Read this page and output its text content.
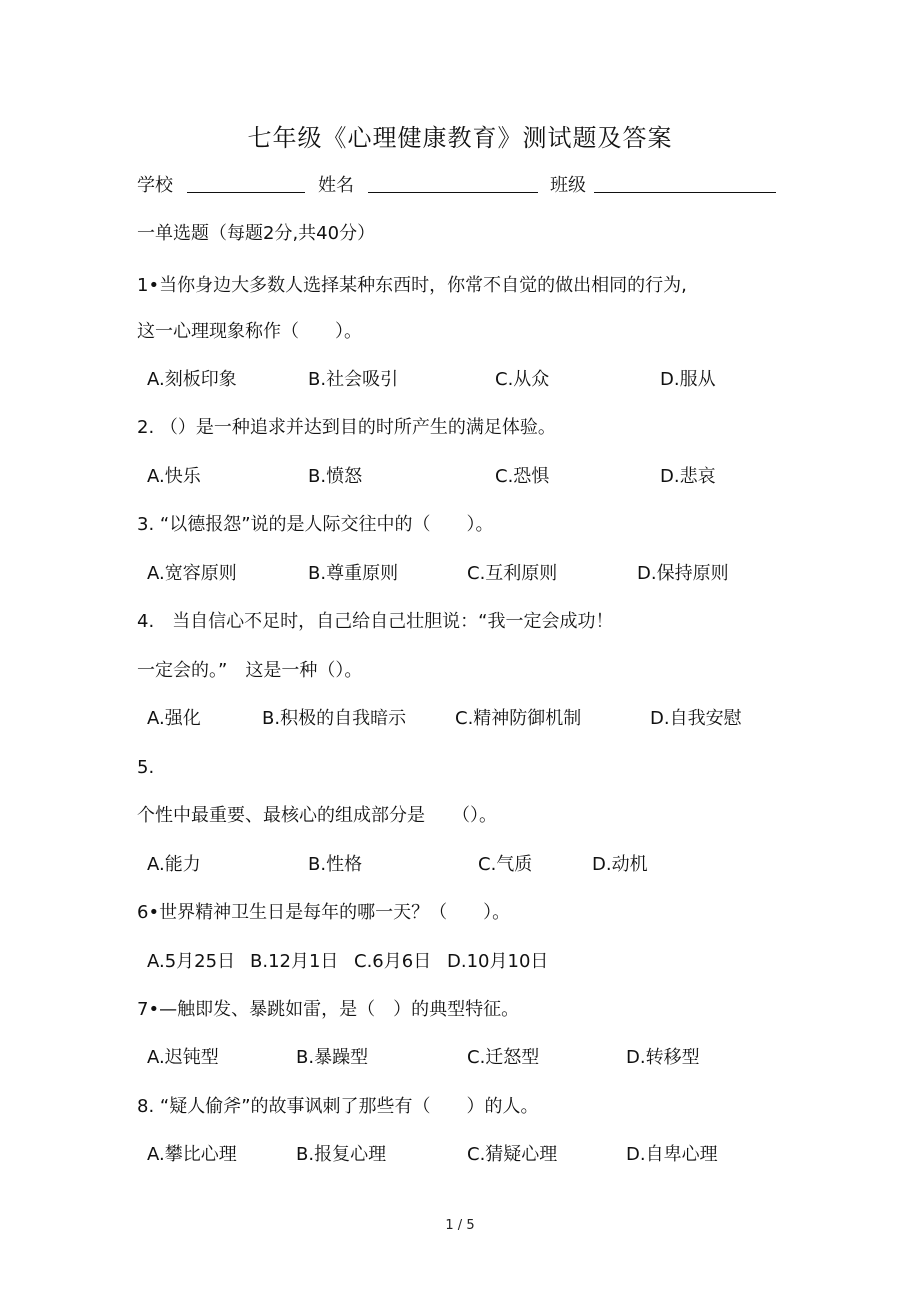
七年级《心理健康教育》测试题及答案
学校	姓名	班级
一单选题（每题2分,共40分）
1•当你身边大多数人选择某种东西时，你常不自觉的做出相同的行为,
这一心理现象称作（　　）。
A.刻板印象	B.社会吸引	C.从众	D.服从
2. （）是一种追求并达到目的时所产生的满足体验。
A.快乐	B.愤怒	C.恐惧	D.悲哀
3. “以德报怨”说的是人际交往中的（　　）。
A.宽容原则	B.尊重原则	C.互利原则	D.保持原则
4.　当自信心不足时，自己给自己壮胆说：“我一定会成功！
一定会的。”　这是一种（）。
A.强化	B.积极的自我暗示	C.精神防御机制	D.自我安慰
5.
个性中最重要、最核心的组成部分是　　（）。
A.能力	B.性格	C.气质	D.动机
6•世界精神卫生日是每年的哪一天？（　　）。
A.5月25日 B.12月1日 C.6月6日 D.10月10日
7•—触即发、暴跳如雷，是（　）的典型特征。
A.迟钝型	B.暴躁型	C.迁怒型	D.转移型
8. “疑人偷斧”的故事讽刺了那些有（　　）的人。
A.攀比心理	B.报复心理	C.猜疑心理	D.自卑心理
1 / 5
